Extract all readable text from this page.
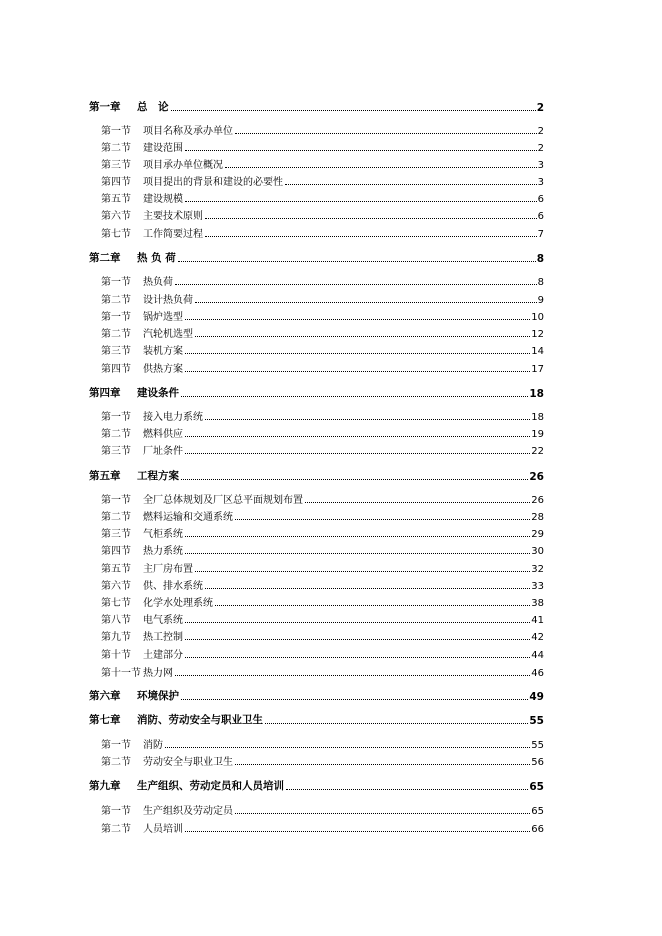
第一章	总　论	2
第一节	项目名称及承办单位	2
第二节	建设范围	2
第三节	项目承办单位概况	3
第四节	项目提出的背景和建设的必要性	3
第五节	建设规模	6
第六节	主要技术原则	6
第七节	工作简要过程	7
第二章	热 负 荷	8
第一节	热负荷	8
第二节	设计热负荷	9
第一节	锅炉选型	10
第二节	汽轮机选型	12
第三节	装机方案	14
第四节	供热方案	17
第四章	建设条件	18
第一节	接入电力系统	18
第二节	燃料供应	19
第三节	厂址条件	22
第五章	工程方案	26
第一节	全厂总体规划及厂区总平面规划布置	26
第二节	燃料运输和交通系统	28
第三节	气柜系统	29
第四节	热力系统	30
第五节	主厂房布置	32
第六节	供、排水系统	33
第七节	化学水处理系统	38
第八节	电气系统	41
第九节	热工控制	42
第十节	土建部分	44
第十一节 热力网	46
第六章	环境保护	49
第七章	消防、劳动安全与职业卫生	55
第一节	消防	55
第二节	劳动安全与职业卫生	56
第九章	生产组织、劳动定员和人员培训	65
第一节	生产组织及劳动定员	65
第二节	人员培训	66
